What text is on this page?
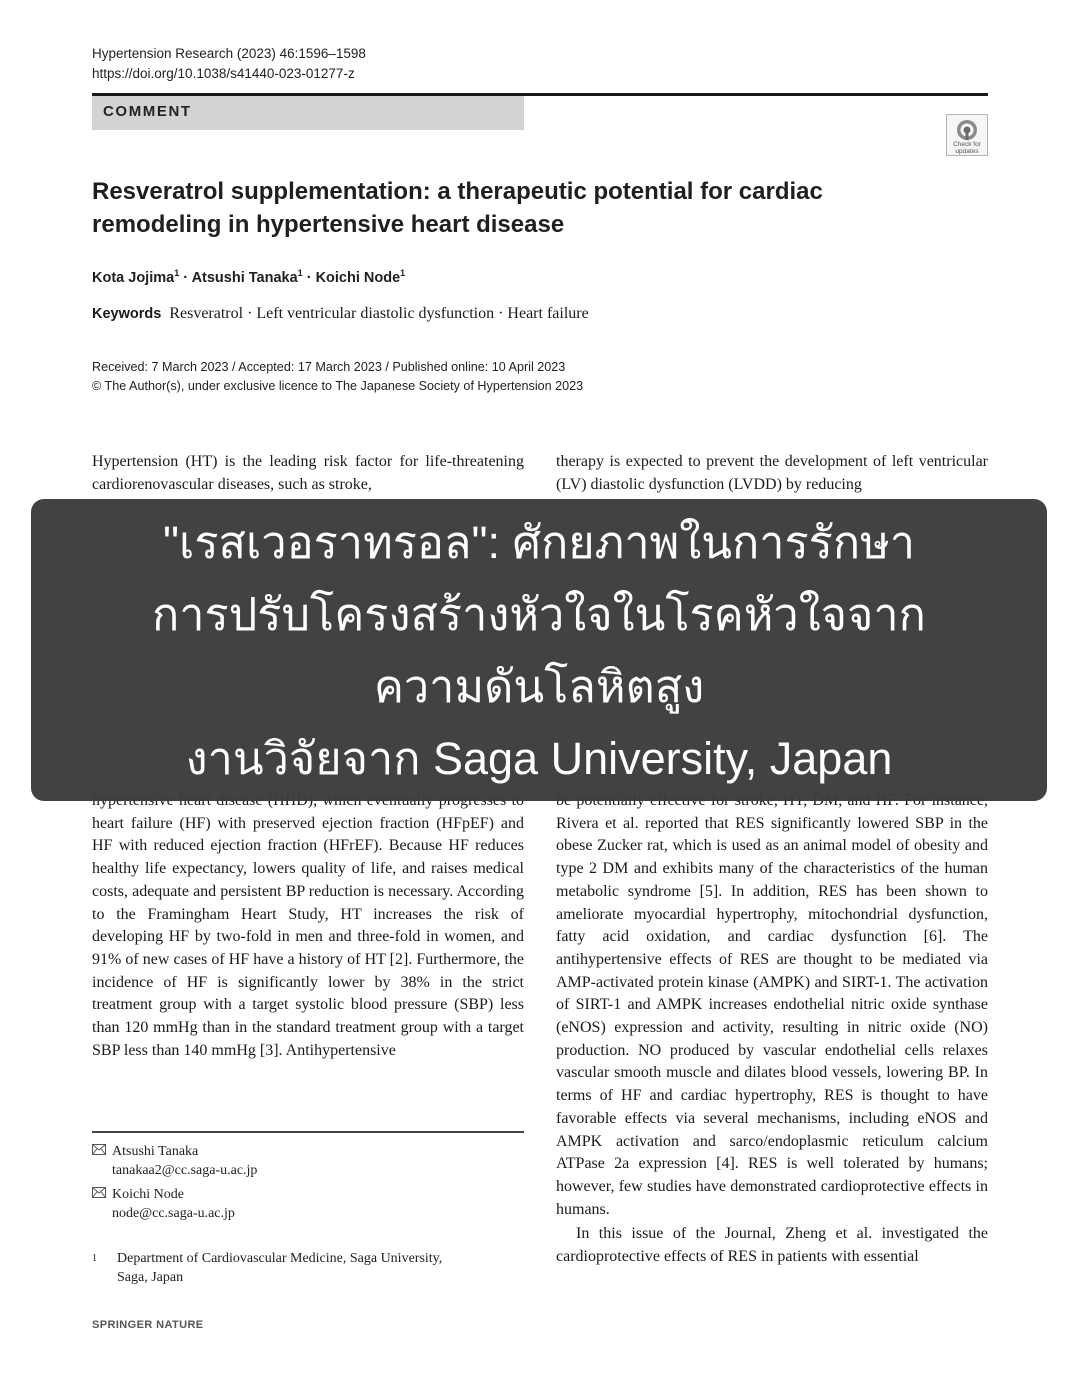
Hypertension Research (2023) 46:1596–1598
https://doi.org/10.1038/s41440-023-01277-z
COMMENT
Check for
updates
Resveratrol supplementation: a therapeutic potential for cardiac
remodeling in hypertensive heart disease
Kota Jojima$^1$ · Atsushi Tanaka$^1$ · Koichi Node$^1$
Keywords Resveratrol · Left ventricular diastolic dysfunction · Heart failure
Received: 7 March 2023 / Accepted: 17 March 2023 / Published online: 10 April 2023
© The Author(s), under exclusive licence to The Japanese Society of Hypertension 2023

Hypertension (HT) is the leading risk factor for life-threatening cardiorenovascular diseases, such as stroke,

therapy is expected to prevent the development of left ventricular (LV) diastolic dysfunction (LVDD) by reducing

heart failure (HF) with preserved ejection fraction (HFpEF) and HF with reduced ejection fraction (HFrEF). Because HF reduces healthy life expectancy, lowers quality of life, and raises medical costs, adequate and persistent BP reduction is necessary. According to the Framingham Heart Study, HT increases the risk of developing HF by two-fold in men and three-fold in women, and 91% of new cases of HF have a history of HT [2]. Furthermore, the incidence of HF is significantly lower by 38% in the strict treatment group with a target systolic blood pressure (SBP) less than 120 mmHg than in the standard treatment group with a target SBP less than 140 mmHg [3]. Antihypertensive

Rivera et al. reported that RES significantly lowered SBP in the obese Zucker rat, which is used as an animal model of obesity and type 2 DM and exhibits many of the characteristics of the human metabolic syndrome [5]. In addition, RES has been shown to ameliorate myocardial hypertrophy, mitochondrial dysfunction, fatty acid oxidation, and cardiac dysfunction [6]. The antihypertensive effects of RES are thought to be mediated via AMP-activated protein kinase (AMPK) and SIRT-1. The activation of SIRT-1 and AMPK increases endothelial nitric oxide synthase (eNOS) expression and activity, resulting in nitric oxide (NO) production. NO produced by vascular endothelial cells relaxes vascular smooth muscle and dilates blood vessels, lowering BP. In terms of HF and cardiac hypertrophy, RES is thought to have favorable effects via several mechanisms, including eNOS and AMPK activation and sarco/endoplasmic reticulum calcium ATPase 2a expression [4]. RES is well tolerated by humans; however, few studies have demonstrated cardioprotective effects in humans.

In this issue of the Journal, Zheng et al. investigated the cardioprotective effects of RES in patients with essential

Atsushi Tanaka
tanakaa2@cc.saga-u.ac.jp
Koichi Node
node@cc.saga-u.ac.jp
1 Department of Cardiovascular Medicine, Saga University,
Saga, Japan
SPRINGER NATURE
"เรสเวอราทรอล": ศักยภาพในการรักษา
การปรับโครงสร้างหัวใจในโรคหัวใจจาก
ความดันโลหิตสูง
งานวิจัยจาก Saga University, Japan
